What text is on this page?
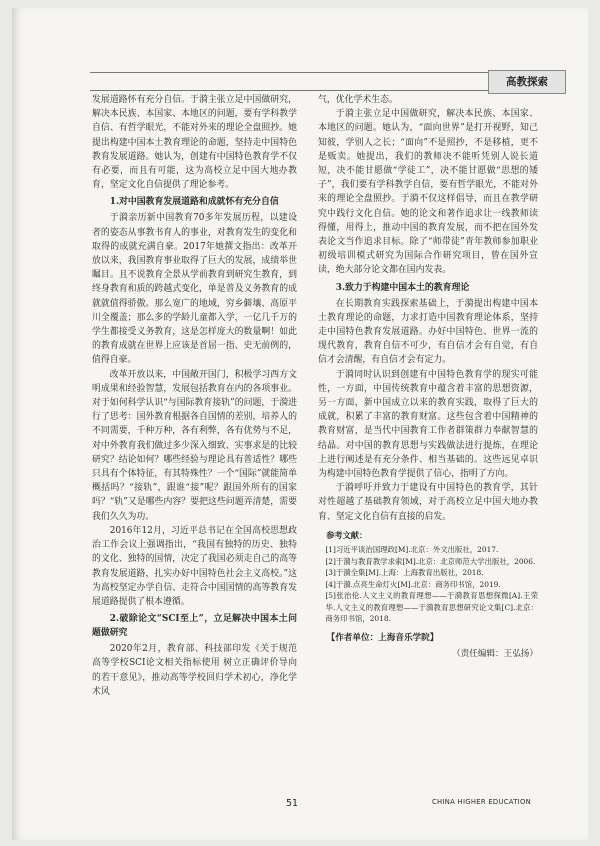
高教探索

发展道路怀有充分自信。于漪主张立足中国做研究，解决本民族、本国家、本地区的问题，要有学科教学自信、有哲学眼光，不能对外来的理论全盘照抄。她提出构建中国本土教育理论的命题，坚持走中国特色教育发展道路。她认为，创建有中国特色教育学不仅有必要，而且有可能，这为高校立足中国大地办教育，坚定文化自信提供了理论参考。

1.对中国教育发展道路和成就怀有充分自信

于漪亲历新中国教育70多年发展历程，以建设者的姿态从事教书育人的事业，对教育发生的变化和取得的成就充满自豪。2017年她撰文指出：改革开放以来，我国教育事业取得了巨大的发展，成绩举世瞩目。且不说教育全景从学前教育到研究生教育，到终身教育和质的跨越式变化，单是普及义务教育的成就就值得骄傲。那么宽广的地域，穷乡僻壤、高原平川全覆盖；那么多的学龄儿童都入学，一亿几千万的学生都接受义务教育，这是怎样庞大的数量啊！如此的教育成就在世界上应该是首屈一指、史无前例的，值得自豪。

改革开放以来，中国敞开国门，积极学习西方文明成果和经验智慧，发展包括教育在内的各项事业。对于如何科学认识“与国际教育接轨”的问题，于漪进行了思考：国外教育根据各自国情的差别，培养人的不同需要，千种万种，各有利弊，各有优势与不足，对中外教育我们做过多少深入细致、实事求是的比较研究？结论如何？哪些经验与理论具有普适性？哪些只具有个体特征，有其特殊性？一个“国际”就能简单概括吗？“接轨”，跟谁“接”呢？跟国外所有的国家吗？“轨”又是哪些内容？要把这些问题弄清楚，需要我们久久为功。

2016年12月，习近平总书记在全国高校思想政治工作会议上强调指出，“我国有独特的历史、独特的文化、独特的国情，决定了我国必须走自己的高等教育发展道路，扎实办好中国特色社会主义高校。”这为高校坚定办学自信、走符合中国国情的高等教育发展道路提供了根本遵循。

2.破除论文“SCI至上”，立足解决中国本土问题做研究

2020年2月，教育部、科技部印发《关于规范高等学校SCI论文相关指标使用 树立正确评价导向的若干意见》，推动高等学校回归学术初心，净化学术风

气，优化学术生态。

于漪主张立足中国做研究，解决本民族、本国家、本地区的问题。她认为，“面向世界”是打开视野，知己知彼，学别人之长；“面向”不是照抄，不是移植，更不是贩卖。她提出，我们的教师决不能听凭别人说长道短，决不能甘愿做“学徒工”，决不能甘愿做“思想的矮子”，我们要有学科教学自信，要有哲学眼光，不能对外来的理论全盘照抄。于漪不仅这样倡导，而且在教学研究中践行文化自信。她的论文和著作追求让一线教师读得懂，用得上，推动中国的教育发展，而不把在国外发表论文当作追求目标。除了“师带徒”青年教师参加职业初级培训模式研究为国际合作研究项目，曾在国外宣读，绝大部分论文都在国内发表。

3.致力于构建中国本土的教育理论

在长期教育实践探索基础上，于漪提出构建中国本土教育理论的命题，力求打造中国教育理论体系，坚持走中国特色教育发展道路。办好中国特色、世界一流的现代教育，教育自信不可少，有自信才会有自觉，有自信才会清醒，有自信才会有定力。

于漪同时认识到创建有中国特色教育学的现实可能性，一方面，中国传统教育中蕴含着丰富的思想资源，另一方面，新中国成立以来的教育实践，取得了巨大的成就，积累了丰富的教育财富。这些包含着中国精神的教育财富，是当代中国教育工作者群策群力奉献智慧的结晶。对中国的教育思想与实践做法进行提炼，在理论上进行阐述是有充分条件、相当基础的。这些远见卓识为构建中国特色教育学提供了信心，指明了方向。

于漪呼吁并致力于建设有中国特色的教育学，其针对性超越了基础教育领域，对于高校立足中国大地办教育、坚定文化自信有直接的启发。

参考文献：

[1]习近平谈治国理政[M].北京：外文出版社，2017.

[2]于漪与教育教学求索[M].北京：北京师范大学出版社，2006.

[3]于漪全集[M].上海：上海教育出版社，2018.

[4]于漪.点亮生命灯火[M].北京：商务印书馆，2019.

[5]张治伦.人文主义的教育理想——于漪教育思想探微[A].王荣华.人文主义的教育理想——于漪教育思想研究论文集[C].北京：商务印书馆，2018.

【作者单位：上海音乐学院】
（责任编辑：王弘扬）
51	CHINA HIGHER EDUCATION
